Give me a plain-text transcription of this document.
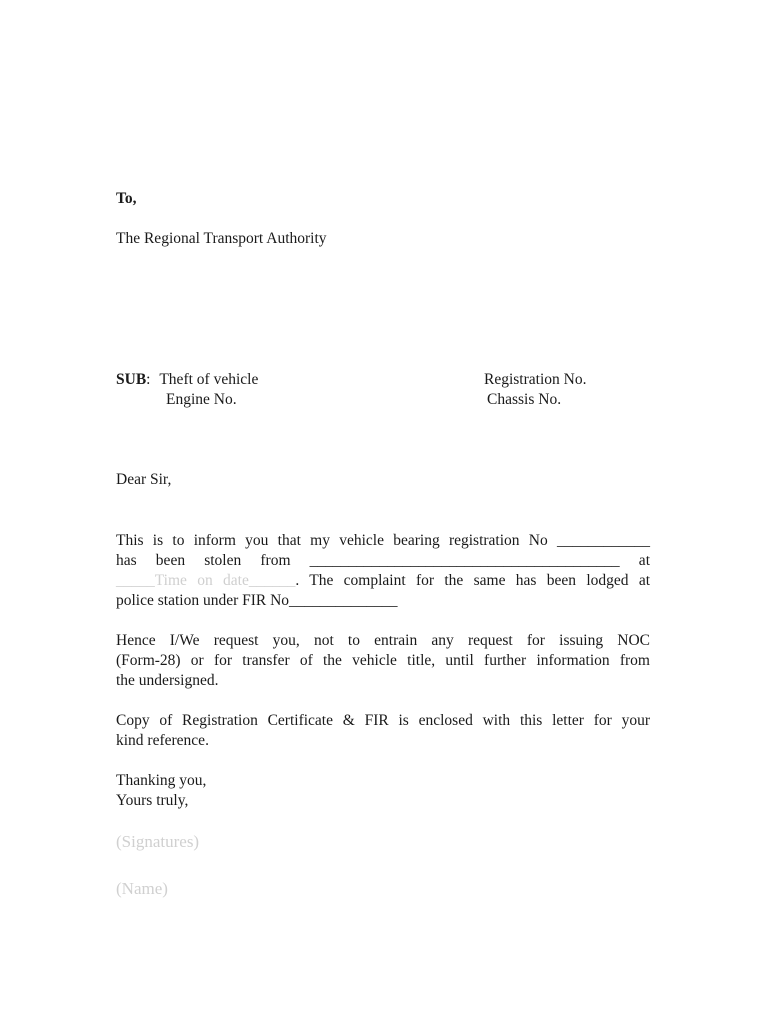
To,
The Regional Transport Authority
SUB: Theft of vehicle
Engine No.
Registration No.
Chassis No.
Dear Sir,
This is to inform you that my vehicle bearing registration No ____________
has been stolen from ________________________________________ at
_____Time on date______. The complaint for the same has been lodged at
police station under FIR No______________
Hence I/We request you, not to entrain any request for issuing NOC
(Form-28) or for transfer of the vehicle title, until further information from
the undersigned.
Copy of Registration Certificate & FIR is enclosed with this letter for your
kind reference.
Thanking you,
Yours truly,
(Signatures)
(Name)
